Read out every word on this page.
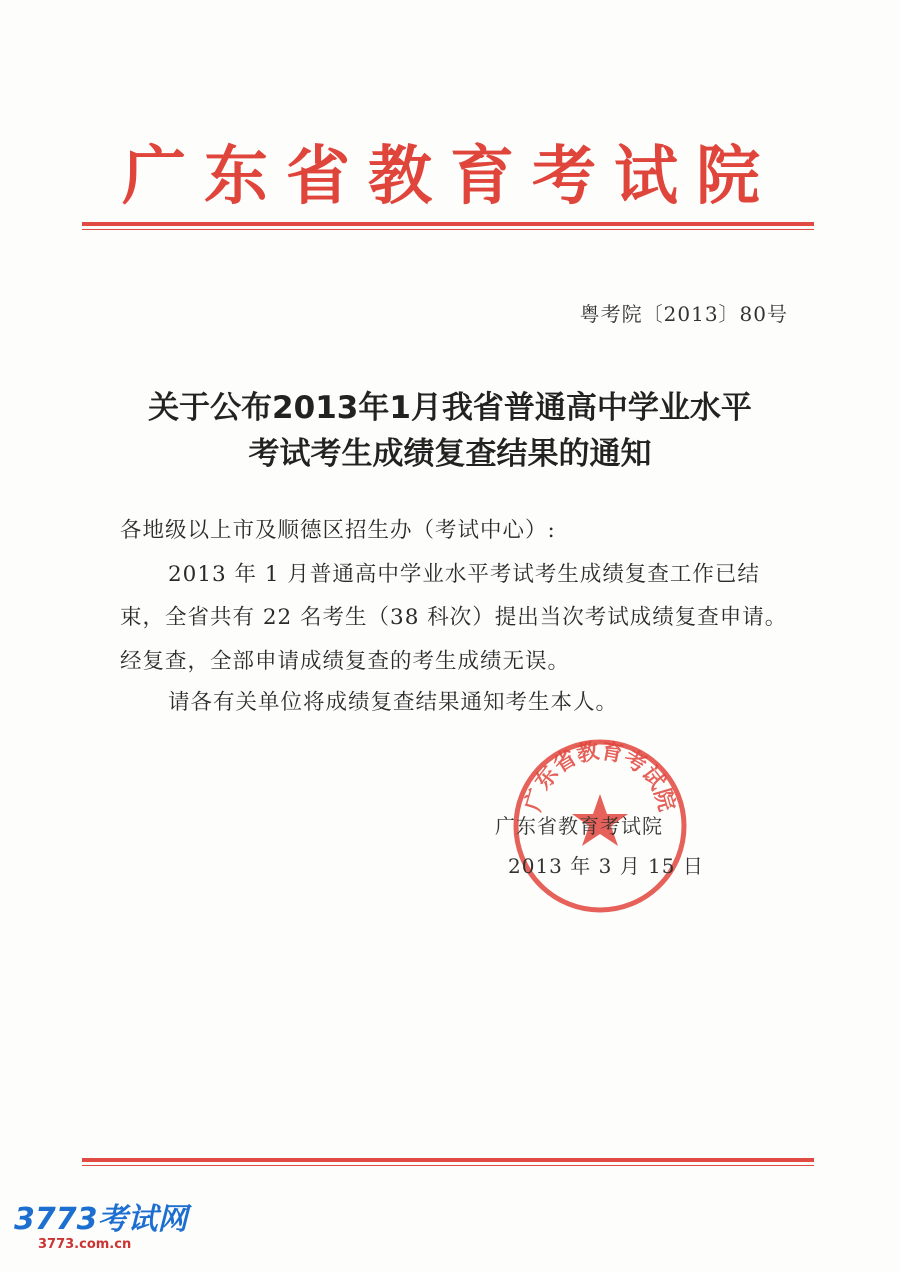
广东省教育考试院
粤考院〔2013〕80号
关于公布2013年1月我省普通高中学业水平
考试考生成绩复查结果的通知
各地级以上市及顺德区招生办（考试中心）:
2013 年 1 月普通高中学业水平考试考生成绩复查工作已结
束，全省共有 22 名考生（38 科次）提出当次考试成绩复查申请。
经复查，全部申请成绩复查的考生成绩无误。
请各有关单位将成绩复查结果通知考生本人。
广东省教育考试院
广东省教育考试院
2013 年 3 月 15 日
3773考试网
3773.com.cn
